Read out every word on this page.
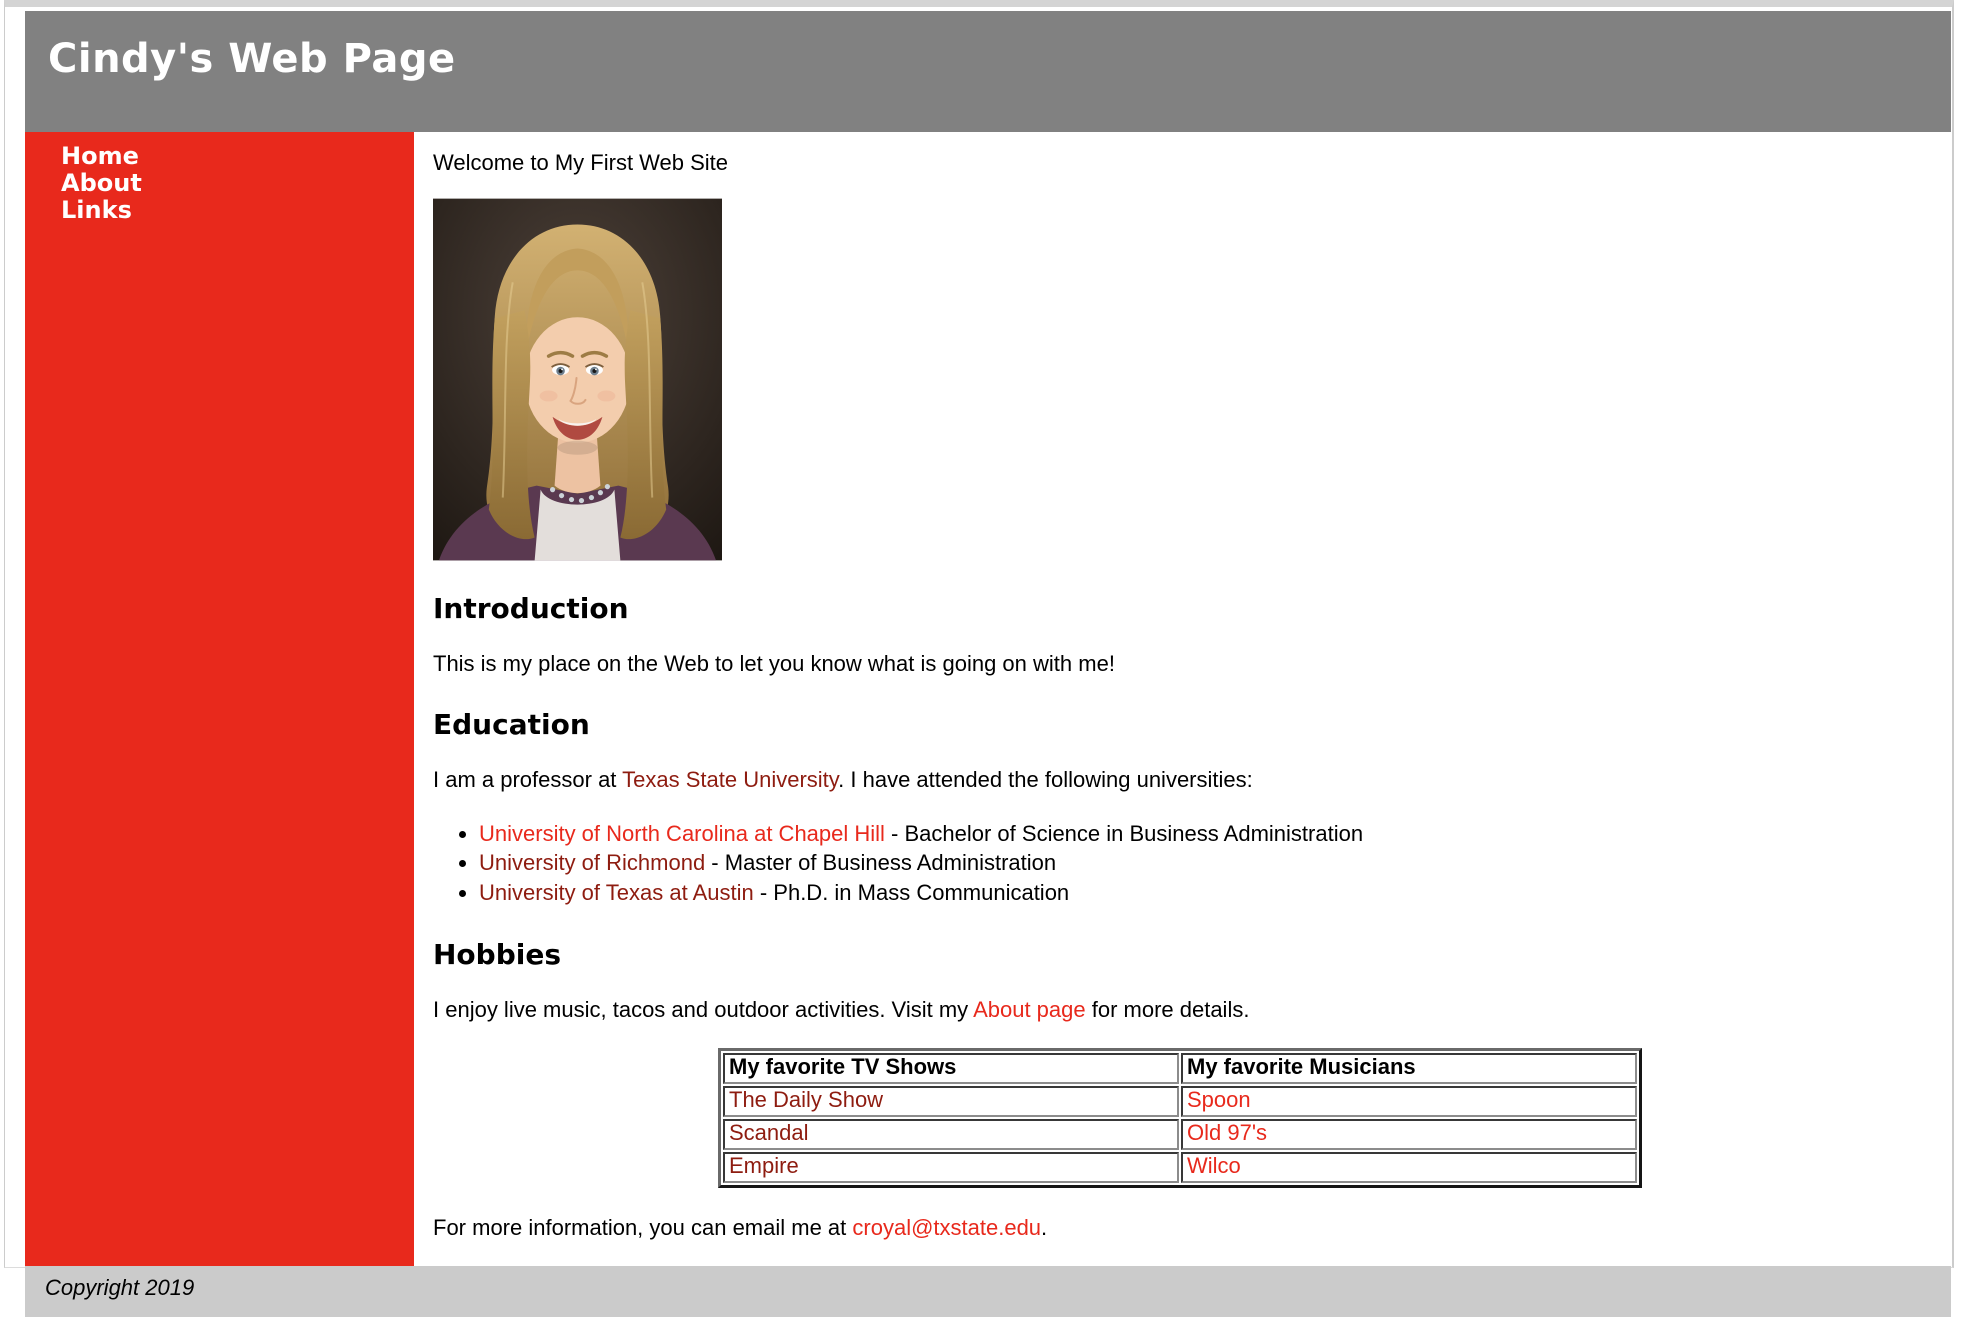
Cindy's Web Page
Home
About
Links

Welcome to My First Web Site

Introduction

This is my place on the Web to let you know what is going on with me!

Education

I am a professor at Texas State University. I have attended the following universities:

• University of North Carolina at Chapel Hill - Bachelor of Science in Business Administration
• University of Richmond - Master of Business Administration
• University of Texas at Austin - Ph.D. in Mass Communication
Hobbies

I enjoy live music, tacos and outdoor activities. Visit my About page for more details.

My favorite TV Shows	My favorite Musicians
The Daily Show	Spoon
Scandal	Old 97's
Empire	Wilco

For more information, you can email me at croyal@txstate.edu.

Copyright 2019
